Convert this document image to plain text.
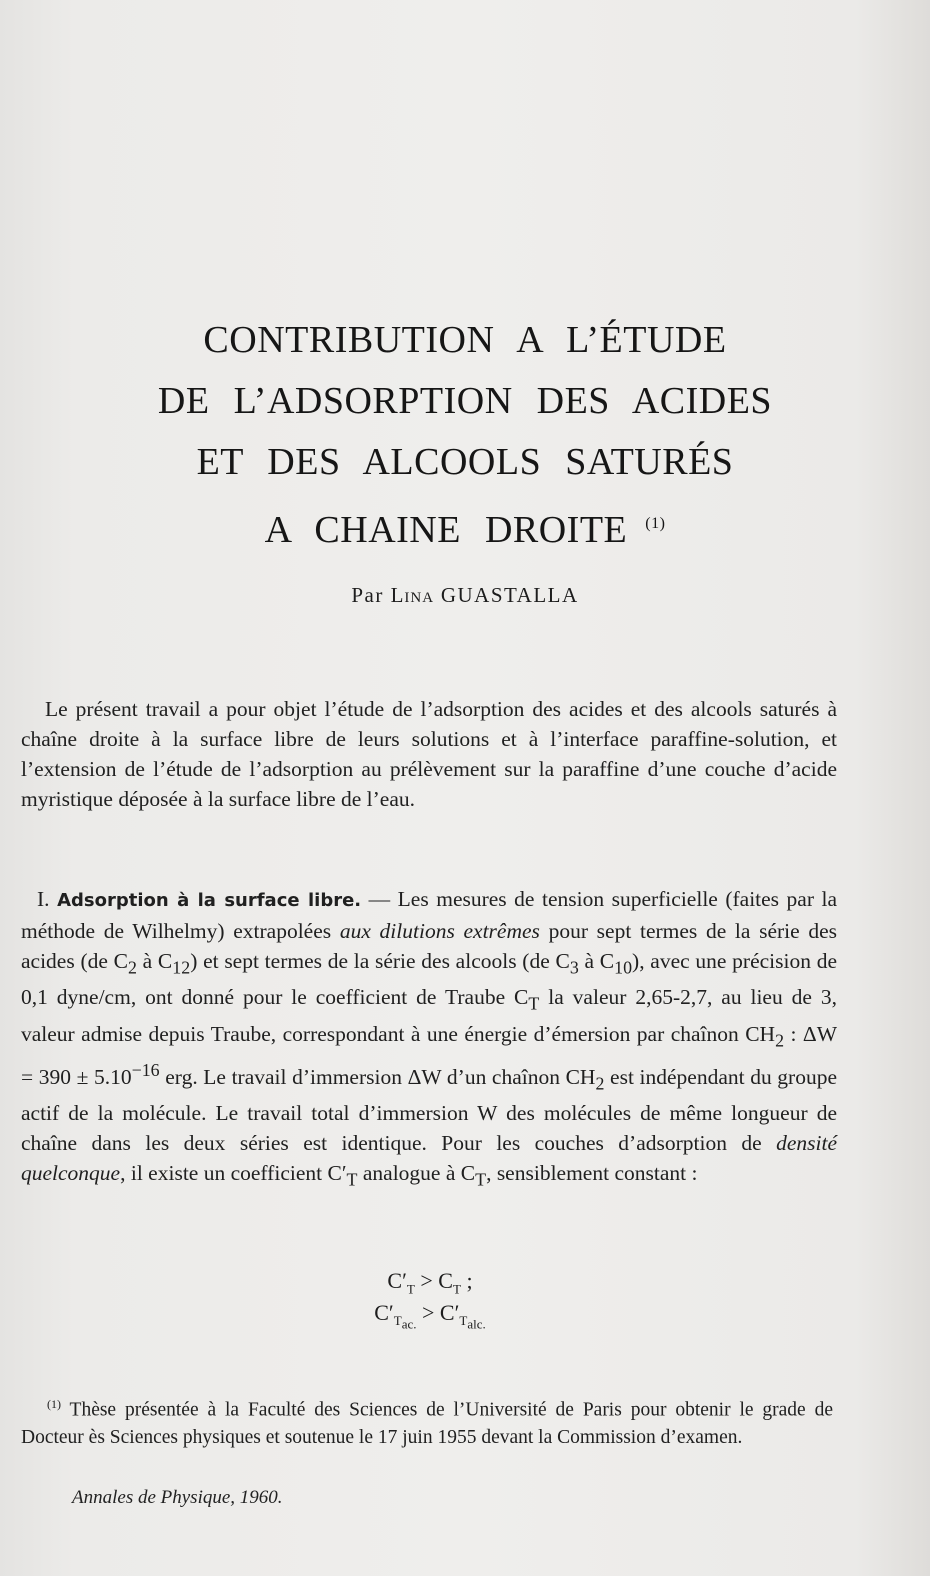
CONTRIBUTION A L’ÉTUDE
DE L’ADSORPTION DES ACIDES
ET DES ALCOOLS SATURÉS
A CHAINE DROITE $^{(1)}$
Par Lina GUASTALLA
Le présent travail a pour objet l’étude de l’adsorption des acides et des alcools saturés à chaîne droite à la surface libre de leurs solutions et à l’interface paraffine-solution, et l’extension de l’étude de l’adsorption au prélèvement sur la paraffine d’une couche d’acide myristique déposée à la surface libre de l’eau.
I. Adsorption à la surface libre. — Les mesures de tension superficielle (faites par la méthode de Wilhelmy) extrapolées aux dilutions extrêmes pour sept termes de la série des acides (de $C_2$ à $C_{12}$) et sept termes de la série des alcools (de $C_3$ à $C_{10}$), avec une précision de 0,1 dyne/cm, ont donné pour le coefficient de Traube $C_T$ la valeur 2,65-2,7, au lieu de 3, valeur admise depuis Traube, correspondant à une énergie d’émersion par chaînon $CH_2$ : $\Delta W = 390 \pm 5.10^{-16}$ erg. Le travail d’immersion ΔW d’un chaînon $CH_2$ est indépendant du groupe actif de la molécule. Le travail total d’immersion W des molécules de même longueur de chaîne dans les deux séries est identique. Pour les couches d’adsorption de densité quelconque, il existe un coefficient $C'_T$ analogue à $C_T$, sensiblement constant :
$C'_T > C_T$ ;
$C'_{T_{ac.}} > C'_{T_{alc.}}$
$^{(1)}$ Thèse présentée à la Faculté des Sciences de l’Université de Paris pour obtenir le grade de Docteur ès Sciences physiques et soutenue le 17 juin 1955 devant la Commission d’examen.
Annales de Physique, 1960.
